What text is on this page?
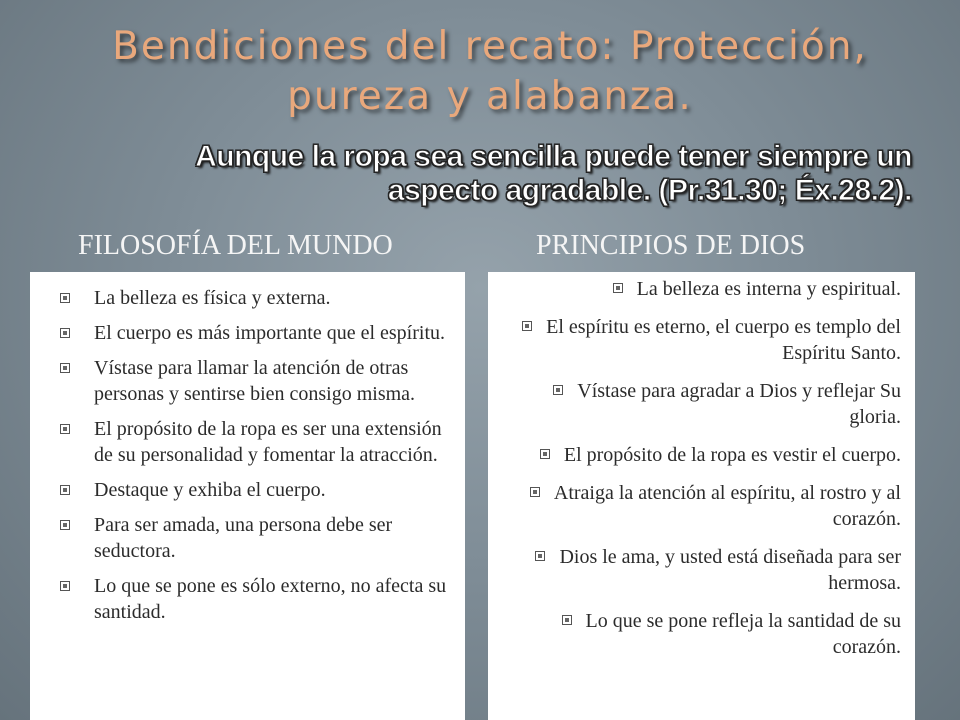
Bendiciones del recato: Protección, pureza y alabanza.
Aunque la ropa sea sencilla puede tener siempre un aspecto agradable. (Pr.31.30; Éx.28.2).
FILOSOFÍA DEL MUNDO	PRINCIPIOS DE DIOS
La belleza es física y externa.
El cuerpo es más importante que el espíritu.
Vístase para llamar la atención de otras personas y sentirse bien consigo misma.
El propósito de la ropa es ser una extensión de su personalidad y fomentar la atracción.
Destaque y exhiba el cuerpo.
Para ser amada, una persona debe ser seductora.
Lo que se pone es sólo externo, no afecta su santidad.
La belleza es interna y espiritual.
El espíritu es eterno, el cuerpo es templo del Espíritu Santo.
Vístase para agradar a Dios y reflejar Su gloria.
El propósito de la ropa es vestir el cuerpo.
Atraiga la atención al espíritu, al rostro y al corazón.
Dios le ama, y usted está diseñada para ser hermosa.
Lo que se pone refleja la santidad de su corazón.
